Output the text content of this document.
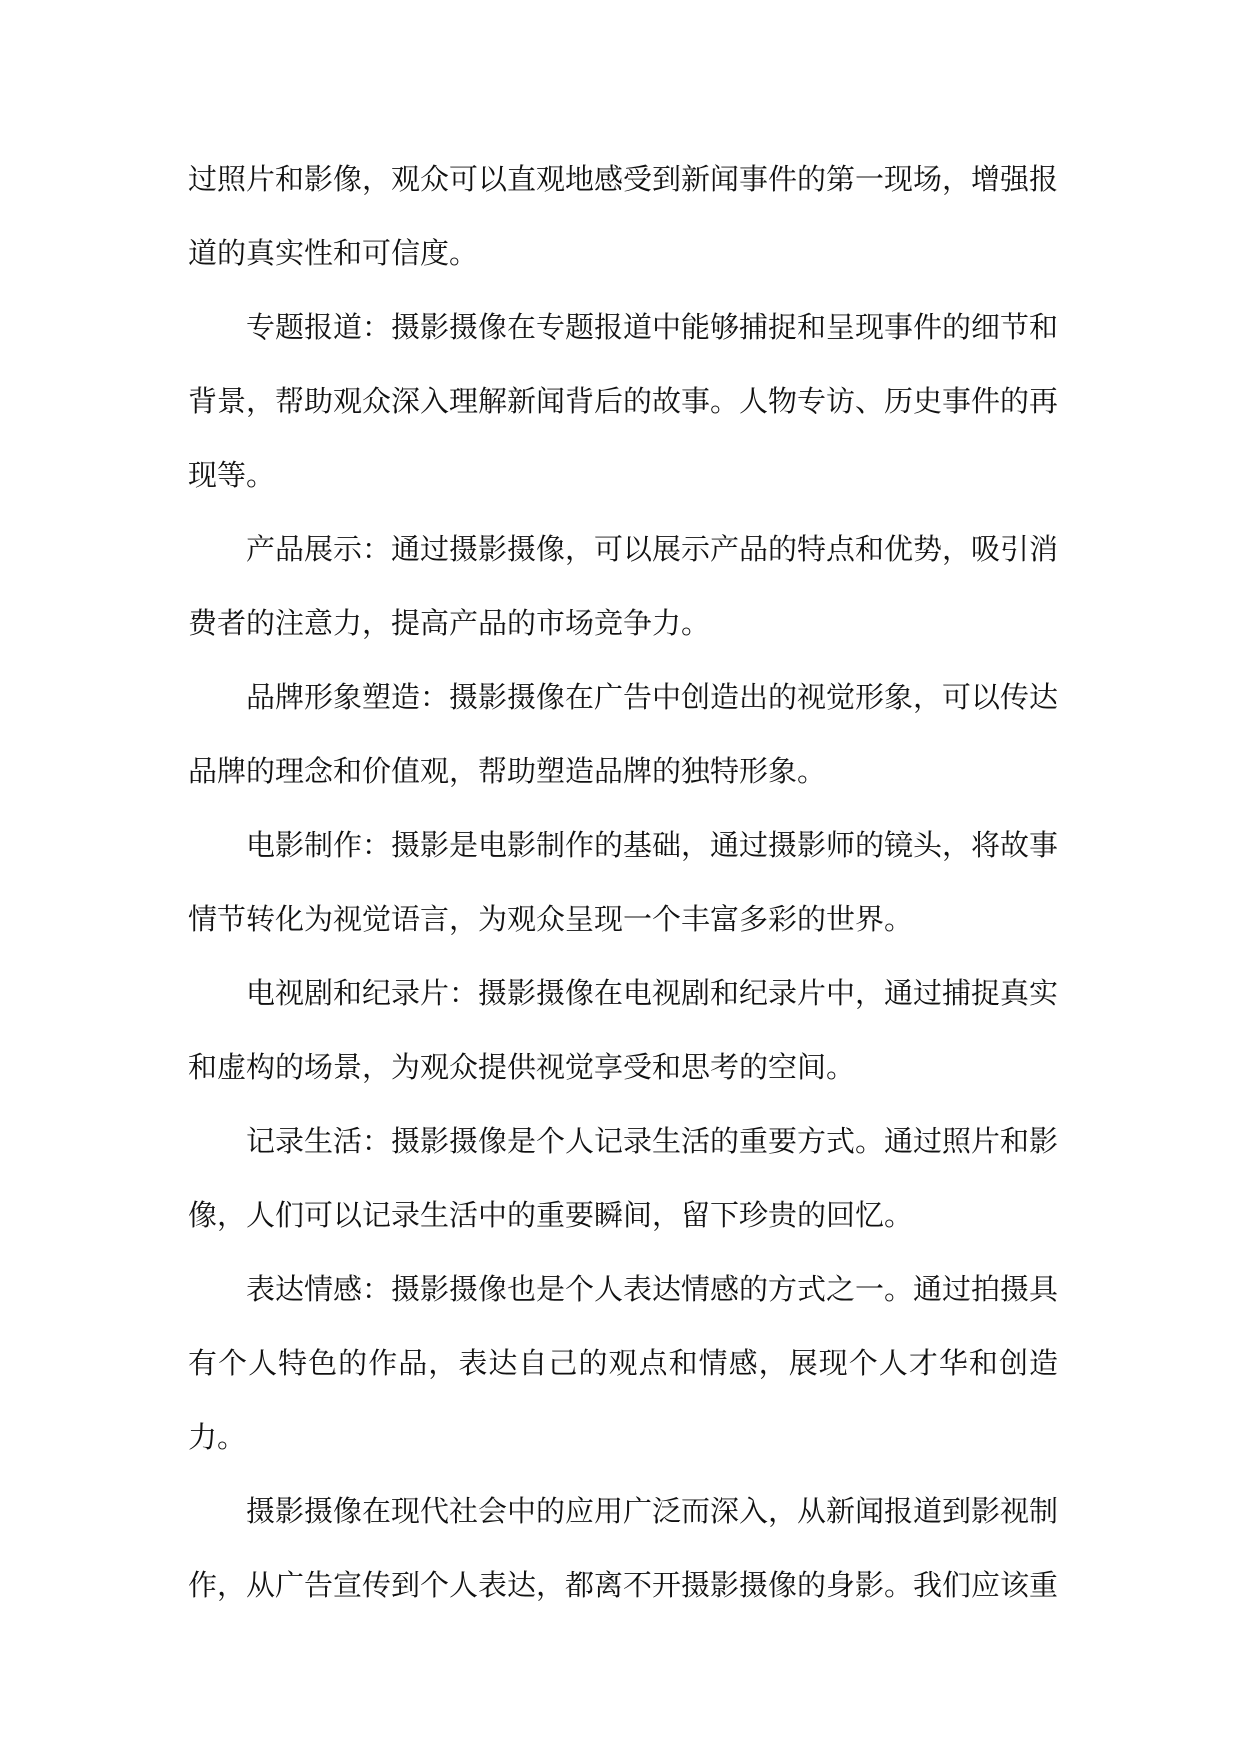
过照片和影像，观众可以直观地感受到新闻事件的第一现场，增强报道的真实性和可信度。

专题报道：摄影摄像在专题报道中能够捕捉和呈现事件的细节和背景，帮助观众深入理解新闻背后的故事。人物专访、历史事件的再现等。

产品展示：通过摄影摄像，可以展示产品的特点和优势，吸引消费者的注意力，提高产品的市场竞争力。

品牌形象塑造：摄影摄像在广告中创造出的视觉形象，可以传达品牌的理念和价值观，帮助塑造品牌的独特形象。

电影制作：摄影是电影制作的基础，通过摄影师的镜头，将故事情节转化为视觉语言，为观众呈现一个丰富多彩的世界。

电视剧和纪录片：摄影摄像在电视剧和纪录片中，通过捕捉真实和虚构的场景，为观众提供视觉享受和思考的空间。

记录生活：摄影摄像是个人记录生活的重要方式。通过照片和影像，人们可以记录生活中的重要瞬间，留下珍贵的回忆。

表达情感：摄影摄像也是个人表达情感的方式之一。通过拍摄具有个人特色的作品，表达自己的观点和情感，展现个人才华和创造力。

摄影摄像在现代社会中的应用广泛而深入，从新闻报道到影视制作，从广告宣传到个人表达，都离不开摄影摄像的身影。我们应该重
